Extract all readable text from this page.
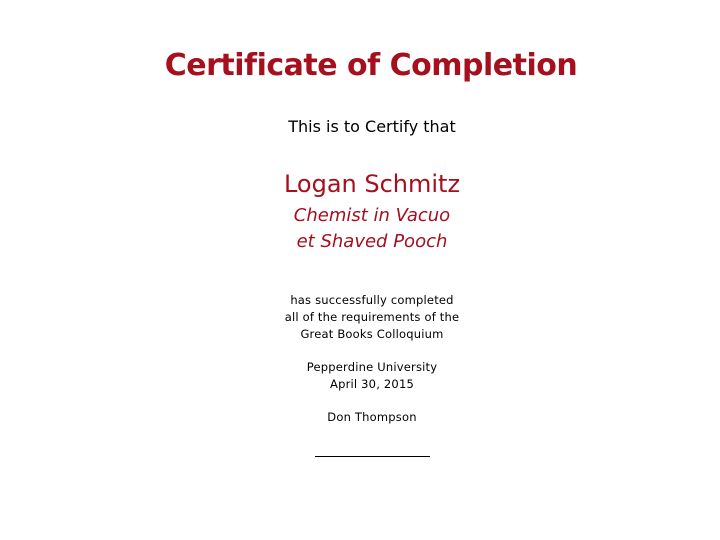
Certificate of Completion
This is to Certify that
Logan Schmitz
Chemist in Vacuo
et Shaved Pooch
has successfully completed
all of the requirements of the
Great Books Colloquium
Pepperdine University
April 30, 2015
Don Thompson
